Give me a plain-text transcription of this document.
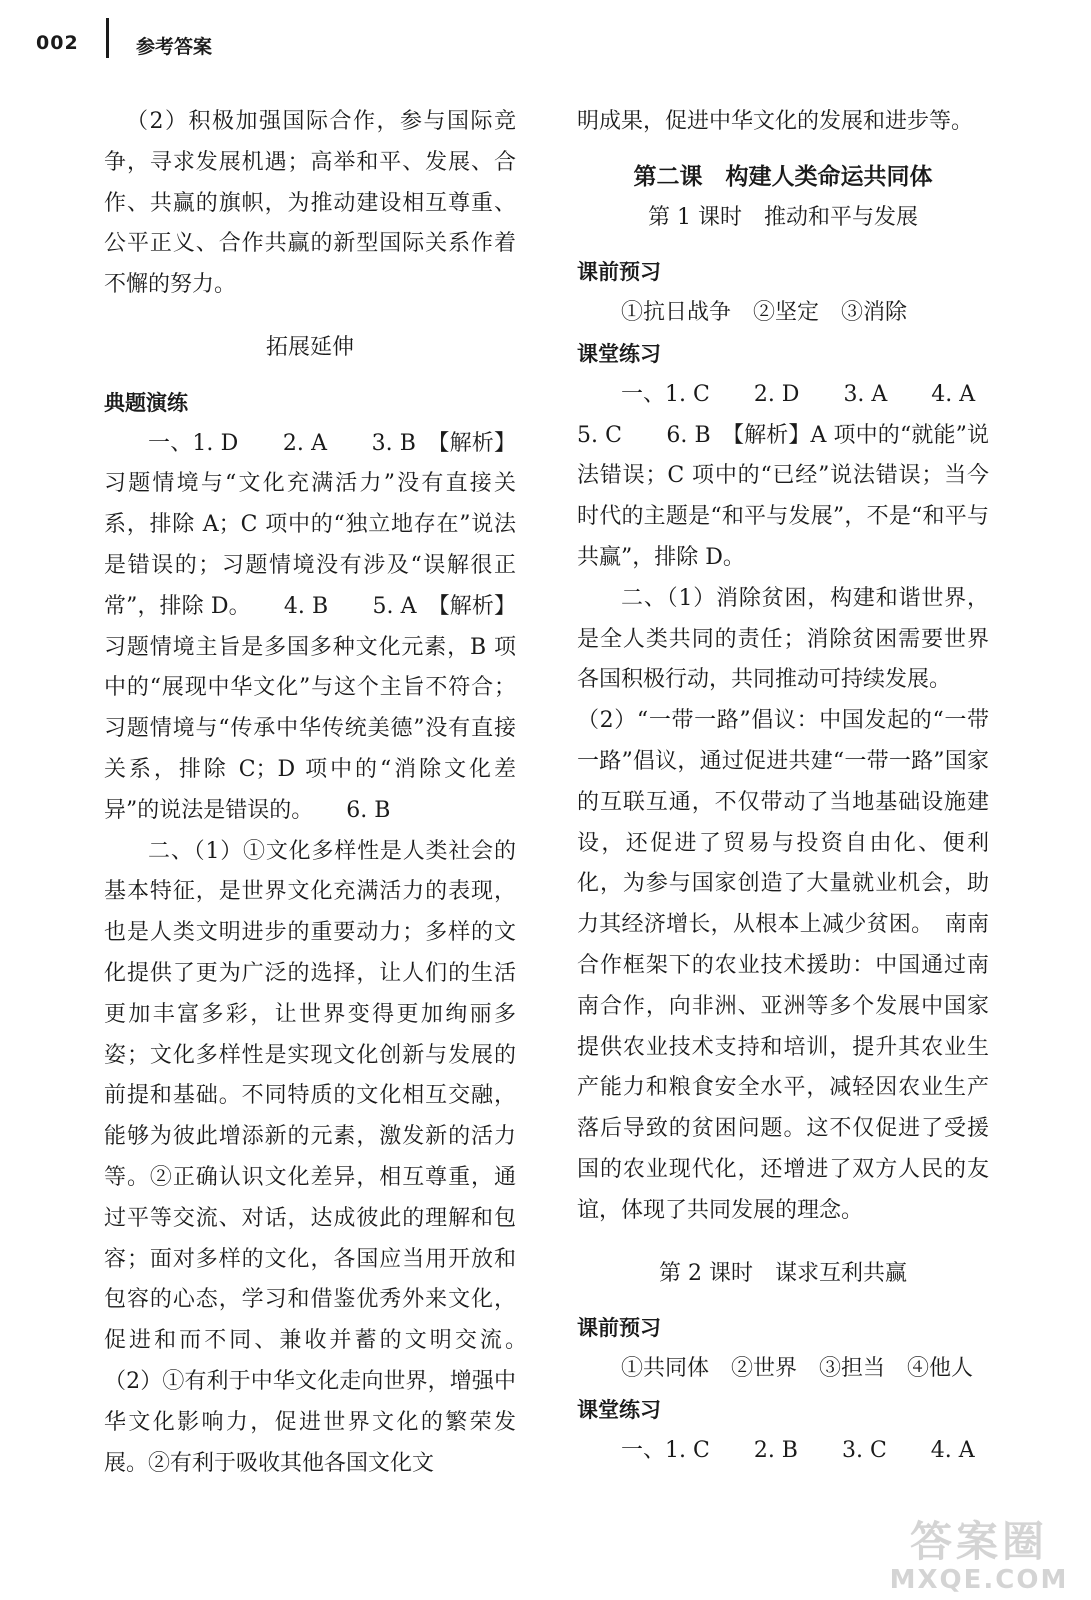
002	参考答案

（2）积极加强国际合作，参与国际竞争，寻求发展机遇；高举和平、发展、合作、共赢的旗帜，为推动建设相互尊重、公平正义、合作共赢的新型国际关系作着不懈的努力。

拓展延伸

典题演练

一、1. D　　2. A　　3. B　【解析】习题情境与“文化充满活力”没有直接关系，排除 A；C 项中的“独立地存在”说法是错误的；习题情境没有涉及“误解很正常”，排除 D。　　4. B　　5. A　【解析】习题情境主旨是多国多种文化元素，B 项中的“展现中华文化”与这个主旨不符合；习题情境与“传承中华传统美德”没有直接关系，排除 C；D 项中的“消除文化差异”的说法是错误的。　　6. B

二、（1）①文化多样性是人类社会的基本特征，是世界文化充满活力的表现，也是人类文明进步的重要动力；多样的文化提供了更为广泛的选择，让人们的生活更加丰富多彩，让世界变得更加绚丽多姿；文化多样性是实现文化创新与发展的前提和基础。不同特质的文化相互交融，能够为彼此增添新的元素，激发新的活力等。②正确认识文化差异，相互尊重，通过平等交流、对话，达成彼此的理解和包容；面对多样的文化，各国应当用开放和包容的心态，学习和借鉴优秀外来文化，促进和而不同、兼收并蓄的文明交流。　（2）①有利于中华文化走向世界，增强中华文化影响力，促进世界文化的繁荣发展。②有利于吸收其他各国文化文

明成果，促进中华文化的发展和进步等。

第二课　构建人类命运共同体

第 1 课时　推动和平与发展

课前预习

①抗日战争　②坚定　③消除

课堂练习

一、1. C　　2. D　　3. A　　4. A

5. C　　6. B　【解析】A 项中的“就能”说法错误；C 项中的“已经”说法错误；当今时代的主题是“和平与发展”，不是“和平与共赢”，排除 D。

二、（1）消除贫困，构建和谐世界，是全人类共同的责任；消除贫困需要世界各国积极行动，共同推动可持续发展。

（2）“一带一路”倡议：中国发起的“一带一路”倡议，通过促进共建“一带一路”国家的互联互通，不仅带动了当地基础设施建设，还促进了贸易与投资自由化、便利化，为参与国家创造了大量就业机会，助力其经济增长，从根本上减少贫困。　南南合作框架下的农业技术援助：中国通过南南合作，向非洲、亚洲等多个发展中国家提供农业技术支持和培训，提升其农业生产能力和粮食安全水平，减轻因农业生产落后导致的贫困问题。这不仅促进了受援国的农业现代化，还增进了双方人民的友谊，体现了共同发展的理念。

第 2 课时　谋求互利共赢

课前预习

①共同体　②世界　③担当　④他人

课堂练习

一、1. C　　2. B　　3. C　　4. A

答案圈
MXQE.COM
